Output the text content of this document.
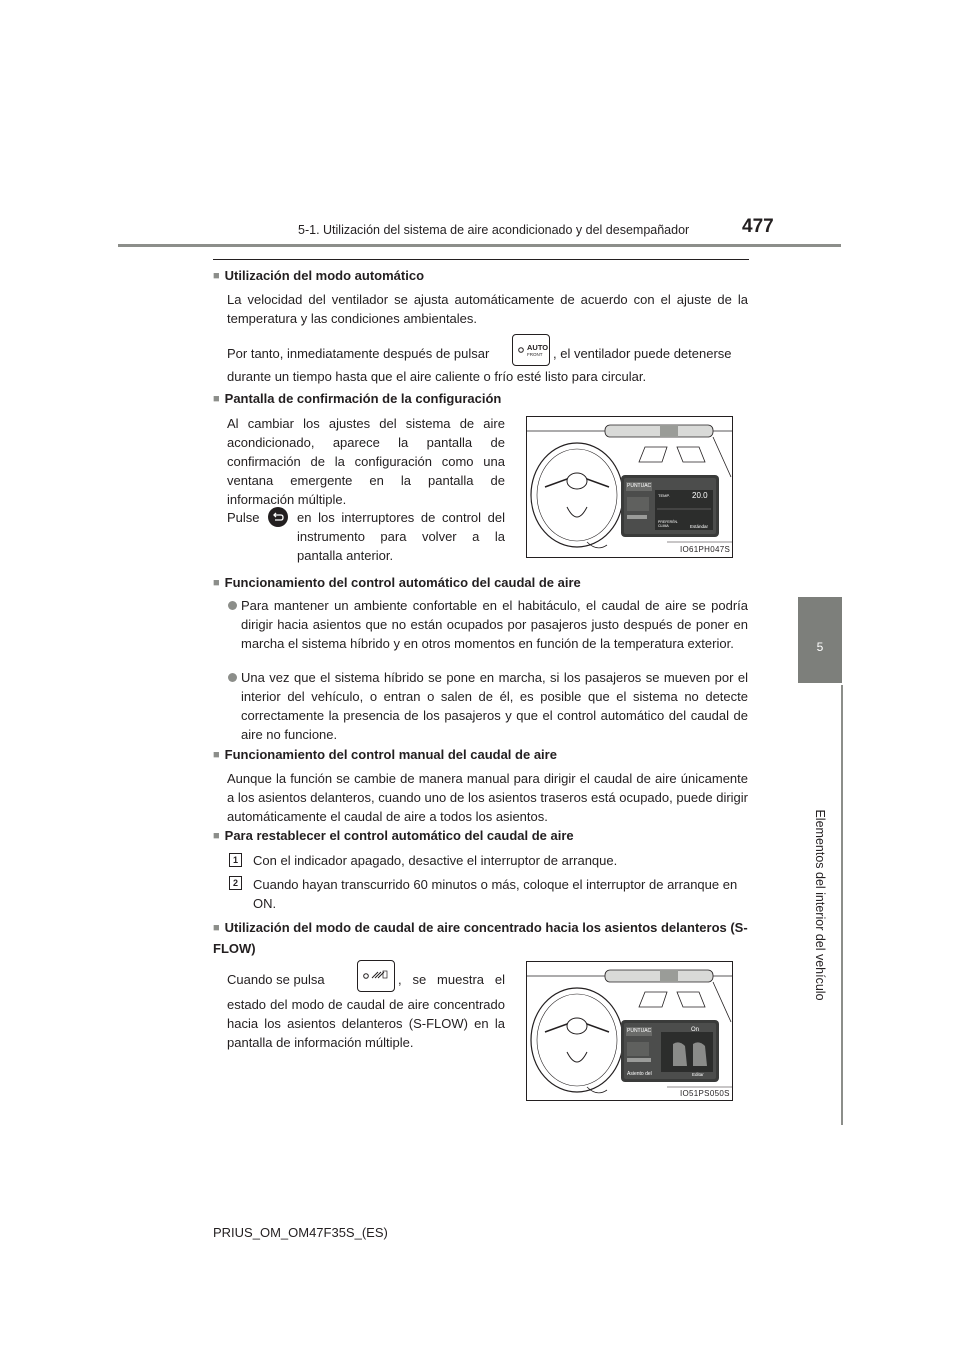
5-1. Utilización del sistema de aire acondicionado y del desempañador	477
5
Elementos del interior del vehículo
■ Utilización del modo automático
La velocidad del ventilador se ajusta automáticamente de acuerdo con el ajuste de la temperatura y las condiciones ambientales.
Por tanto, inmediatamente después de pulsar	AUTO
FRONT , el ventilador puede detenerse
durante un tiempo hasta que el aire caliente o frío esté listo para circular.
■ Pantalla de confirmación de la configuración
Al cambiar los ajustes del sistema de aire acondicionado, aparece la pantalla de confirmación de la configuración como una ventana emergente en la pantalla de información múltiple.
Pulse	en los interruptores de control del instrumento para volver a la pantalla anterior.
PUNTUAC
TEMP.	20.0
PREFERÉN. CLIMA	Estándar
IO61PH047S
■ Funcionamiento del control automático del caudal de aire
Para mantener un ambiente confortable en el habitáculo, el caudal de aire se podría dirigir hacia asientos que no están ocupados por pasajeros justo después de poner en marcha el sistema híbrido y en otros momentos en función de la temperatura exterior.
Una vez que el sistema híbrido se pone en marcha, si los pasajeros se mueven por el interior del vehículo, o entran o salen de él, es posible que el sistema no detecte correctamente la presencia de los pasajeros y que el control automático del caudal de aire no funcione.
■ Funcionamiento del control manual del caudal de aire
Aunque la función se cambie de manera manual para dirigir el caudal de aire únicamente a los asientos delanteros, cuando uno de los asientos traseros está ocupado, puede dirigir automáticamente el caudal de aire a todos los asientos.
■ Para restablecer el control automático del caudal de aire
1	Con el indicador apagado, desactive el interruptor de arranque.
2	Cuando hayan transcurrido 60 minutos o más, coloque el interruptor de arranque en ON.
■ Utilización del modo de caudal de aire concentrado hacia los asientos delanteros (S-FLOW)
Cuando se pulsa	, se muestra el
estado del modo de caudal de aire concentrado hacia los asientos delanteros (S-FLOW) en la pantalla de información múltiple.
PUNTUAC	On
Asiento del	Editar
IO51PS050S
PRIUS_OM_OM47F35S_(ES)
